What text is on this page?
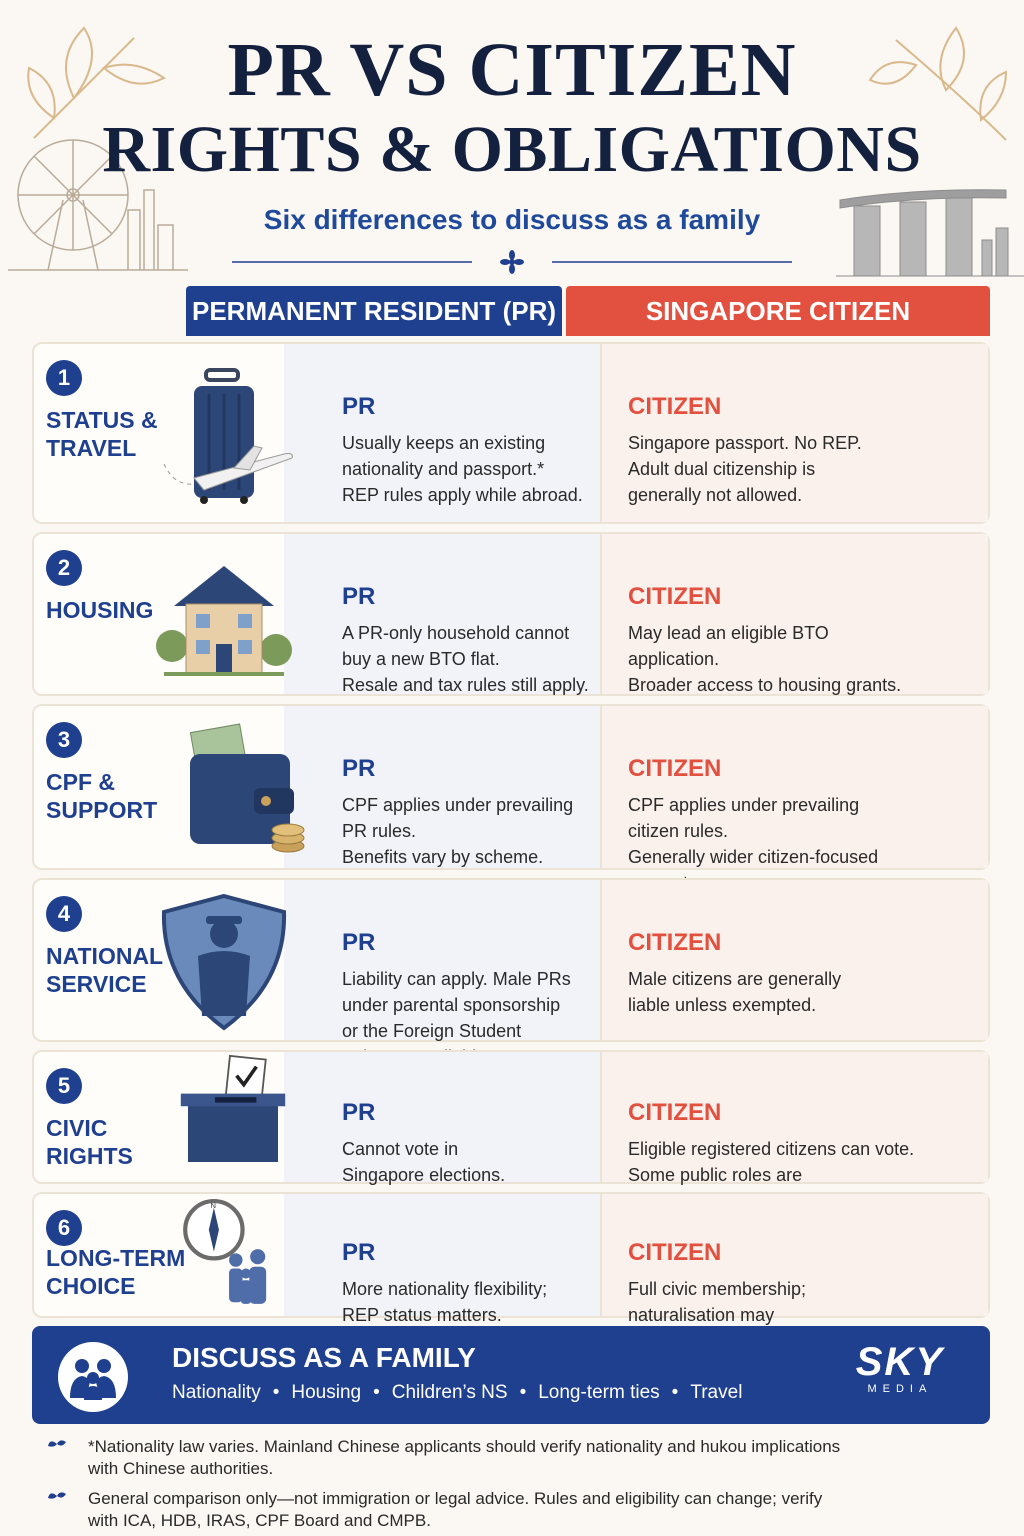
PR VS CITIZEN
RIGHTS & OBLIGATIONS
Six differences to discuss as a family
PERMANENT RESIDENT (PR)	SINGAPORE CITIZEN
1
STATUS &
TRAVEL

PR
Usually keeps an existing
nationality and passport.*
REP rules apply while abroad.

CITIZEN
Singapore passport. No REP.
Adult dual citizenship is
generally not allowed.

2
HOUSING	PR
A PR-only household cannot
buy a new BTO flat.
Resale and tax rules still apply.

CITIZEN
May lead an eligible BTO
application.
Broader access to housing grants.

3
CPF &
SUPPORT

PR
CPF applies under prevailing
PR rules.
Benefits vary by scheme.

CITIZEN
CPF applies under prevailing
citizen rules.
Generally wider citizen-focused

4
NATIONAL
SERVICE

PR
Liability can apply. Male PRs
under parental sponsorship
or the Foreign Student

CITIZEN
Male citizens are generally
liable unless exempted.

5
CIVIC
RIGHTS

PR
Cannot vote in
Singapore elections.

CITIZEN
Eligible registered citizens can vote.
Some public roles are

6
LONG-TERM
CHOICE
N

PR
More nationality flexibility;
REP status matters.

CITIZEN
Full civic membership;
naturalisation may

DISCUSS AS A FAMILY
Nationality • Housing • Children’s NS • Long-term ties • Travel
SKY
MEDIA
*Nationality law varies. Mainland Chinese applicants should verify nationality and hukou implications with Chinese authorities.
General comparison only—not immigration or legal advice. Rules and eligibility can change; verify with ICA, HDB, IRAS, CPF Board and CMPB.
